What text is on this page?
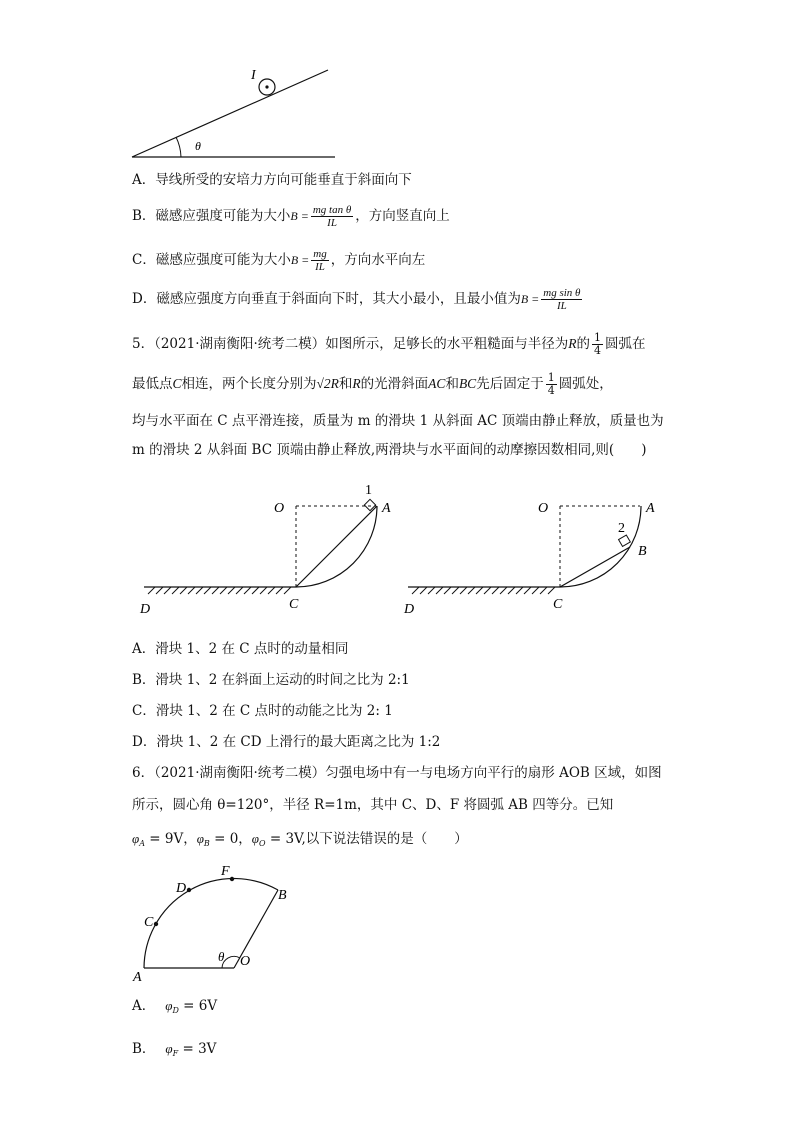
I
θ
A．导线所受的安培力方向可能垂直于斜面向下
B．磁感应强度可能为大小$B = \frac{\text{mg tan θ}}{IL}$ ，方向竖直向上
C．磁感应强度可能为大小$B = \frac{mg}{IL}$ ，方向水平向左
D．磁感应强度方向垂直于斜面向下时，其大小最小，且最小值为$B = \frac{\text{mg sin θ}}{IL}$
5．（2021·湖南衡阳·统考二模）如图所示，足够长的水平粗糙面与半径为R的 $\frac{1}{4}$ 圆弧在
最低点C相连，两个长度分别为√2R和R的光滑斜面AC和BC先后固定于 $\frac{1}{4}$ 圆弧处，
均与水平面在 C 点平滑连接，质量为 m 的滑块 1 从斜面 AC 顶端由静止释放，质量也为
m 的滑块 2 从斜面 BC 顶端由静止释放,两滑块与水平面间的动摩擦因数相同,则(　　)
1
O	A
C
D
2
O	A
B
C
D
A．滑块 1、2 在 C 点时的动量相同
B．滑块 1、2 在斜面上运动的时间之比为 2:1
C．滑块 1、2 在 C 点时的动能之比为 2: 1
D．滑块 1、2 在 CD 上滑行的最大距离之比为 1:2
6．（2021·湖南衡阳·统考二模）匀强电场中有一与电场方向平行的扇形 AOB 区域，如图
所示，圆心角 θ=120°，半径 R=1m，其中 C、D、F 将圆弧 AB 四等分。已知
$\varphi_A = 9V$，$\varphi_B = 0$，$\varphi_O = 3V$,以下说法错误的是（　　）
A
O
B
C
D
F
θ
A． $\varphi_D = 6V$
B． $\varphi_F = 3V$
